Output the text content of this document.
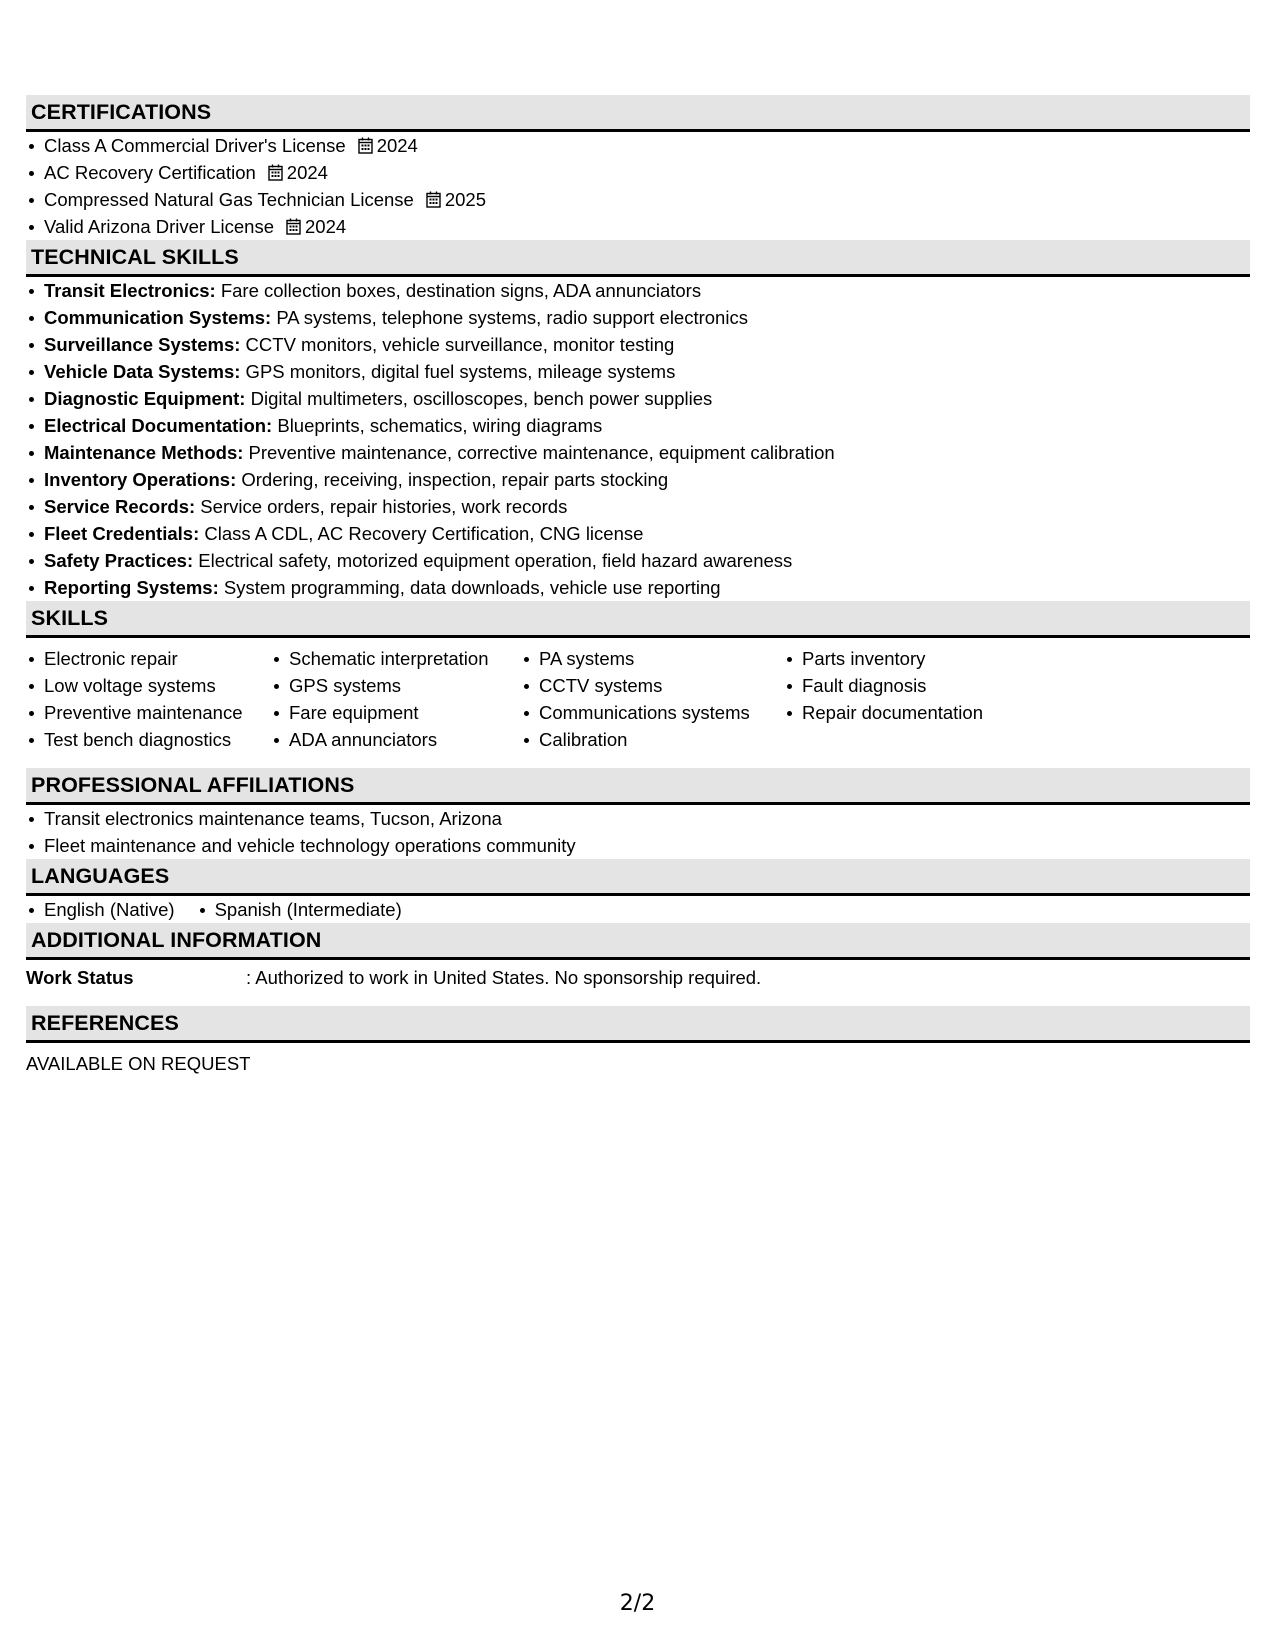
CERTIFICATIONS
Class A Commercial Driver's License 2024
AC Recovery Certification 2024
Compressed Natural Gas Technician License 2025
Valid Arizona Driver License 2024
TECHNICAL SKILLS
Transit Electronics: Fare collection boxes, destination signs, ADA annunciators
Communication Systems: PA systems, telephone systems, radio support electronics
Surveillance Systems: CCTV monitors, vehicle surveillance, monitor testing
Vehicle Data Systems: GPS monitors, digital fuel systems, mileage systems
Diagnostic Equipment: Digital multimeters, oscilloscopes, bench power supplies
Electrical Documentation: Blueprints, schematics, wiring diagrams
Maintenance Methods: Preventive maintenance, corrective maintenance, equipment calibration
Inventory Operations: Ordering, receiving, inspection, repair parts stocking
Service Records: Service orders, repair histories, work records
Fleet Credentials: Class A CDL, AC Recovery Certification, CNG license
Safety Practices: Electrical safety, motorized equipment operation, field hazard awareness
Reporting Systems: System programming, data downloads, vehicle use reporting
SKILLS
Electronic repair
Low voltage systems
Preventive maintenance
Test bench diagnostics
Schematic interpretation
GPS systems
Fare equipment
ADA annunciators
PA systems
CCTV systems
Communications systems
Calibration
Parts inventory
Fault diagnosis
Repair documentation
PROFESSIONAL AFFILIATIONS
Transit electronics maintenance teams, Tucson, Arizona
Fleet maintenance and vehicle technology operations community
LANGUAGES
English (Native)	Spanish (Intermediate)
ADDITIONAL INFORMATION
Work Status	: Authorized to work in United States. No sponsorship required.
REFERENCES
AVAILABLE ON REQUEST
2/2
